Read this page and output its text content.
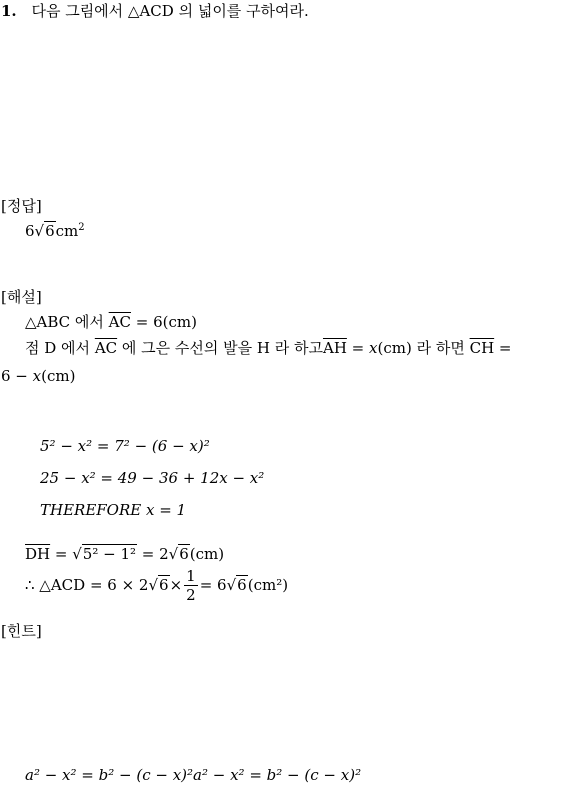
1. 다음 그림에서 △ACD 의 넓이를 구하여라.
[정답]
$6√6cm^2$
[해설]
△ABC 에서 $\overline{AC} = 6(cm)$
점 D 에서 $\overline{AC}$ 에 그은 수선의 발을 H 라 하고$\overline{AH} = x(cm)$ 라 하면 $\overline{CH}$ =
6 − x(cm)
5² − x² = 7² − (6 − x)²
25 − x² = 49 − 36 + 12x − x²
THEREFORE x = 1
$\overline{DH} = √5^2 - 1^2 = 2√6(cm)$
∴ △ACD = 6 × 2 $√6 \times \frac{1}{2} = 6$ √6 (cm²)
[힌트]
a² − x² = b² − (c − x)²a² − x² = b² − (c − x)²
